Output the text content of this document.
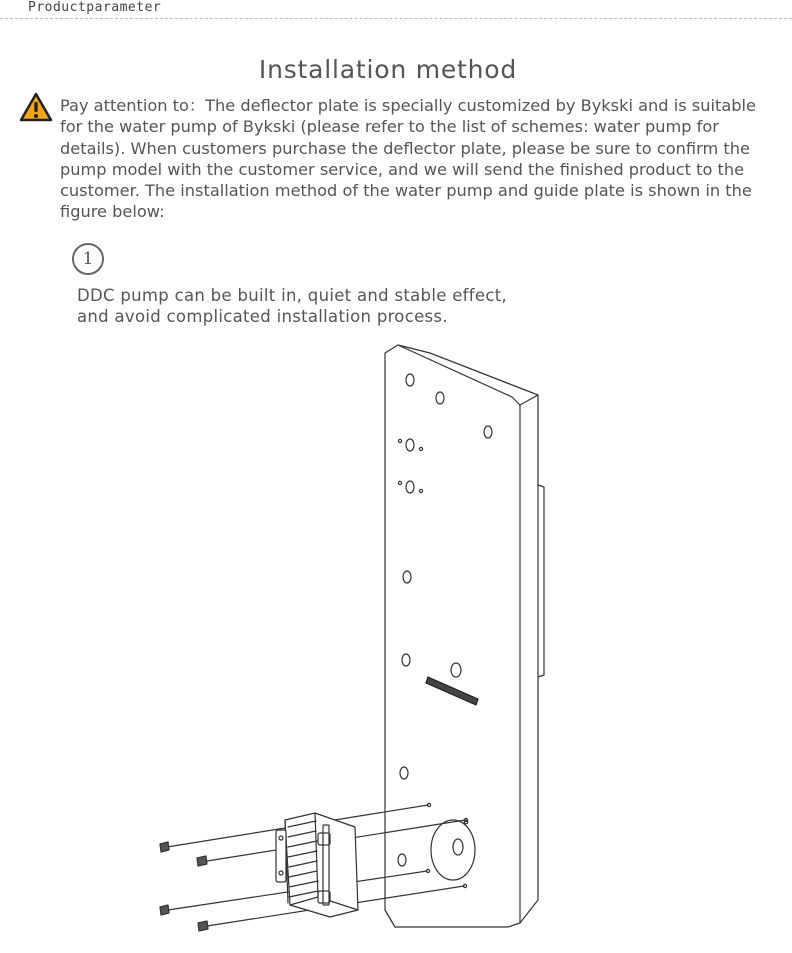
Productparameter
Installation method
Pay attention to：The deflector plate is specially customized by Bykski and is suitable for the water pump of Bykski (please refer to the list of schemes: water pump for details). When customers purchase the deflector plate, please be sure to confirm the pump model with the customer service, and we will send the finished product to the customer. The installation method of the water pump and guide plate is shown in the figure below:
1
DDC pump can be built in, quiet and stable effect,
and avoid complicated installation process.
